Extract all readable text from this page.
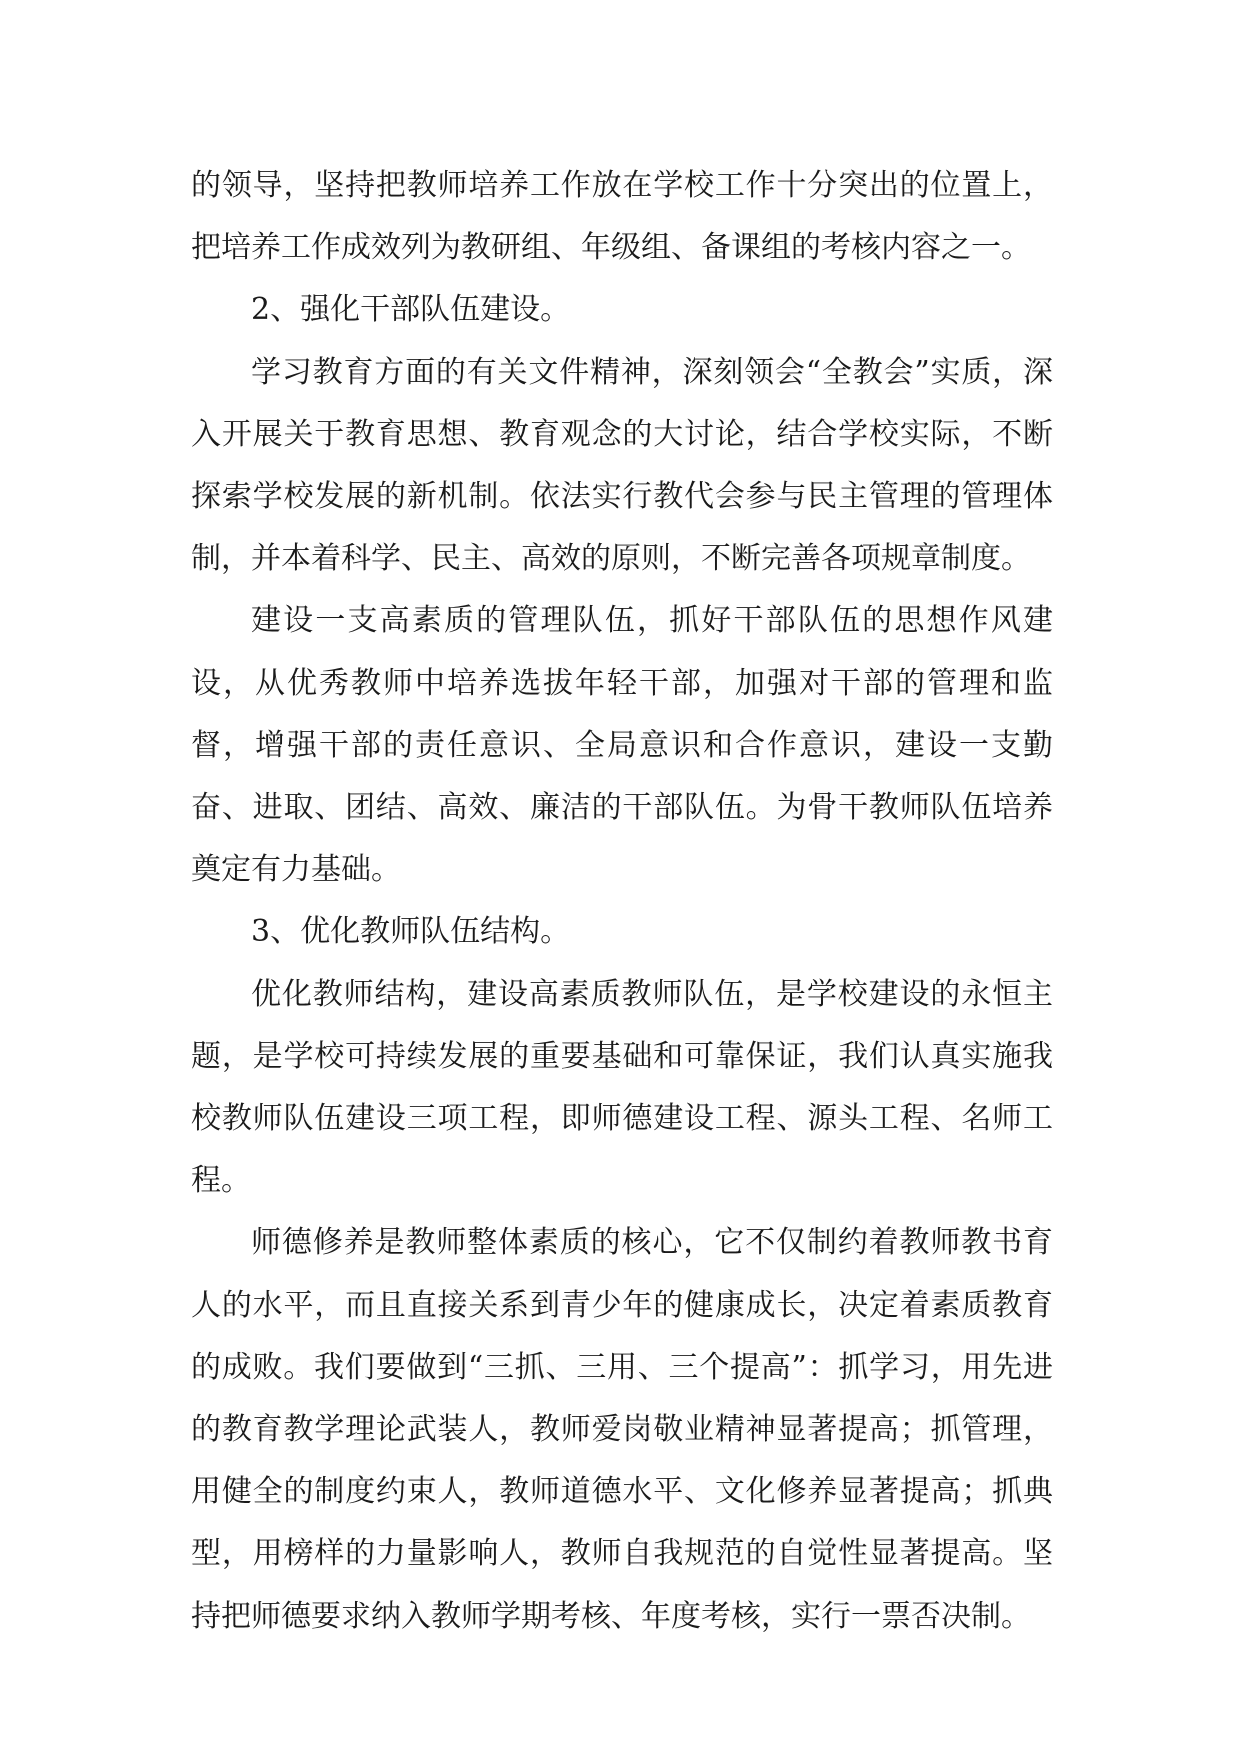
的领导，坚持把教师培养工作放在学校工作十分突出的位置上，把培养工作成效列为教研组、年级组、备课组的考核内容之一。

2、强化干部队伍建设。

学习教育方面的有关文件精神，深刻领会“全教会”实质，深入开展关于教育思想、教育观念的大讨论，结合学校实际，不断探索学校发展的新机制。依法实行教代会参与民主管理的管理体制，并本着科学、民主、高效的原则，不断完善各项规章制度。

建设一支高素质的管理队伍，抓好干部队伍的思想作风建设，从优秀教师中培养选拔年轻干部，加强对干部的管理和监督，增强干部的责任意识、全局意识和合作意识，建设一支勤奋、进取、团结、高效、廉洁的干部队伍。为骨干教师队伍培养奠定有力基础。

3、优化教师队伍结构。

优化教师结构，建设高素质教师队伍，是学校建设的永恒主题，是学校可持续发展的重要基础和可靠保证，我们认真实施我校教师队伍建设三项工程，即师德建设工程、源头工程、名师工程。

师德修养是教师整体素质的核心，它不仅制约着教师教书育人的水平，而且直接关系到青少年的健康成长，决定着素质教育的成败。我们要做到“三抓、三用、三个提高”：抓学习，用先进的教育教学理论武装人，教师爱岗敬业精神显著提高；抓管理，用健全的制度约束人，教师道德水平、文化修养显著提高；抓典型，用榜样的力量影响人，教师自我规范的自觉性显著提高。坚持把师德要求纳入教师学期考核、年度考核，实行一票否决制。
